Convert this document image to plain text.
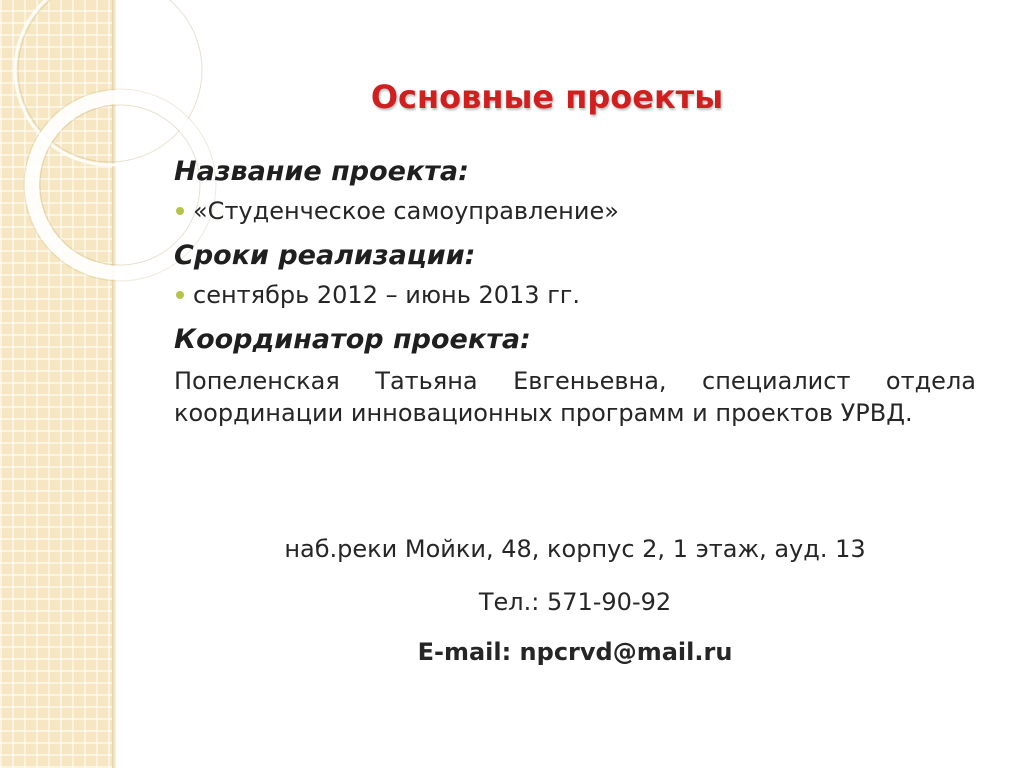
Основные проекты
Название проекта:
«Студенческое самоуправление»
Сроки реализации:
сентябрь 2012 – июнь 2013 гг.
Координатор проекта:
Попеленская Татьяна Евгеньевна, специалист отдела координации инновационных программ и проектов УРВД.
наб.реки Мойки, 48, корпус 2, 1 этаж, ауд. 13
Тел.: 571-90-92
E-mail: npcrvd@mail.ru
